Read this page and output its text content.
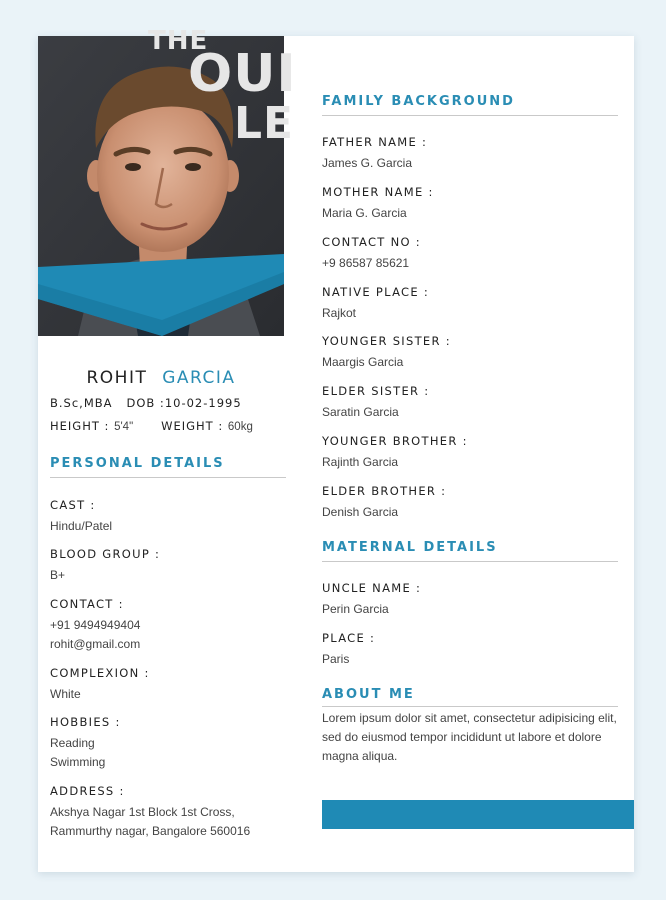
THE
OUI
LE
ROHIT GARCIA
B.Sc,MBA DOB :10-02-1995
HEIGHT : 5'4" WEIGHT : 60kg
PERSONAL DETAILS
CAST :
Hindu/Patel
BLOOD GROUP :
B+
CONTACT :
+91 9494949404
rohit@gmail.com
COMPLEXION :
White
HOBBIES :
Reading
Swimming
ADDRESS :
Akshya Nagar 1st Block 1st Cross,
Rammurthy nagar, Bangalore 560016
FAMILY BACKGROUND
FATHER NAME :
James G. Garcia
MOTHER NAME :
Maria G. Garcia
CONTACT NO :
+9 86587 85621
NATIVE PLACE :
Rajkot
YOUNGER SISTER :
Maargis Garcia
ELDER SISTER :
Saratin Garcia
YOUNGER BROTHER :
Rajinth Garcia
ELDER BROTHER :
Denish Garcia
MATERNAL DETAILS
UNCLE NAME :
Perin Garcia
PLACE :
Paris
ABOUT ME
Lorem ipsum dolor sit amet, consectetur adipisicing elit, sed do eiusmod tempor incididunt ut labore et dolore magna aliqua.
